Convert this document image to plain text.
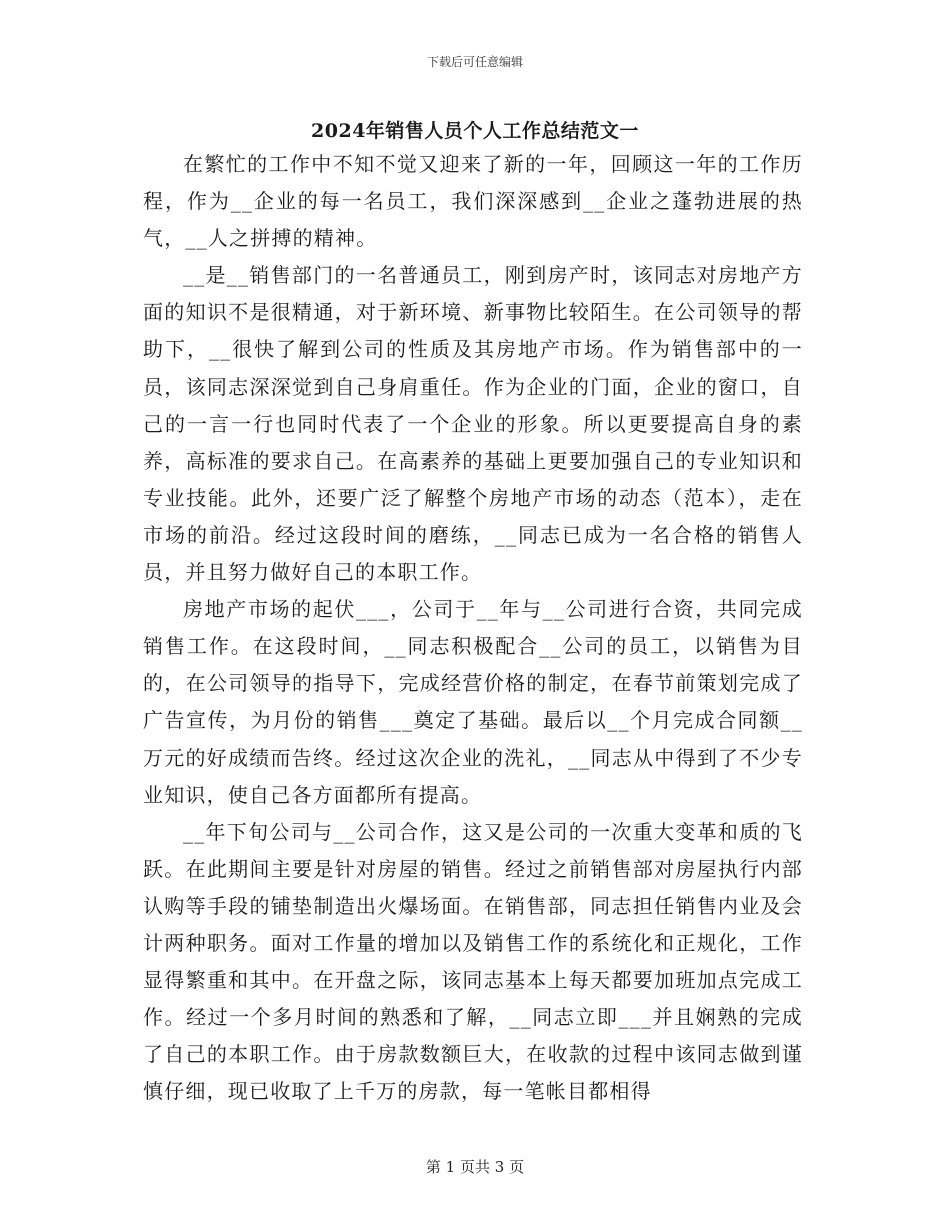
下载后可任意编辑
2024年销售人员个人工作总结范文一

在繁忙的工作中不知不觉又迎来了新的一年，回顾这一年的工作历程，作为__企业的每一名员工，我们深深感到__企业之蓬勃进展的热气，__人之拼搏的精神。

__是__销售部门的一名普通员工，刚到房产时，该同志对房地产方面的知识不是很精通，对于新环境、新事物比较陌生。在公司领导的帮助下，__很快了解到公司的性质及其房地产市场。作为销售部中的一员，该同志深深觉到自己身肩重任。作为企业的门面，企业的窗口，自己的一言一行也同时代表了一个企业的形象。所以更要提高自身的素养，高标准的要求自己。在高素养的基础上更要加强自己的专业知识和专业技能。此外，还要广泛了解整个房地产市场的动态（范本），走在市场的前沿。经过这段时间的磨练，__同志已成为一名合格的销售人员，并且努力做好自己的本职工作。

房地产市场的起伏___，公司于__年与__公司进行合资，共同完成销售工作。在这段时间，__同志积极配合__公司的员工，以销售为目的，在公司领导的指导下，完成经营价格的制定，在春节前策划完成了广告宣传，为月份的销售___奠定了基础。最后以__个月完成合同额__万元的好成绩而告终。经过这次企业的洗礼，__同志从中得到了不少专业知识，使自己各方面都所有提高。

__年下旬公司与__公司合作，这又是公司的一次重大变革和质的飞跃。在此期间主要是针对房屋的销售。经过之前销售部对房屋执行内部认购等手段的铺垫制造出火爆场面。在销售部，同志担任销售内业及会计两种职务。面对工作量的增加以及销售工作的系统化和正规化，工作显得繁重和其中。在开盘之际，该同志基本上每天都要加班加点完成工作。经过一个多月时间的熟悉和了解，__同志立即___并且娴熟的完成了自己的本职工作。由于房款数额巨大，在收款的过程中该同志做到谨慎仔细，现已收取了上千万的房款，每一笔帐目都相得

第 1 页共 3 页
